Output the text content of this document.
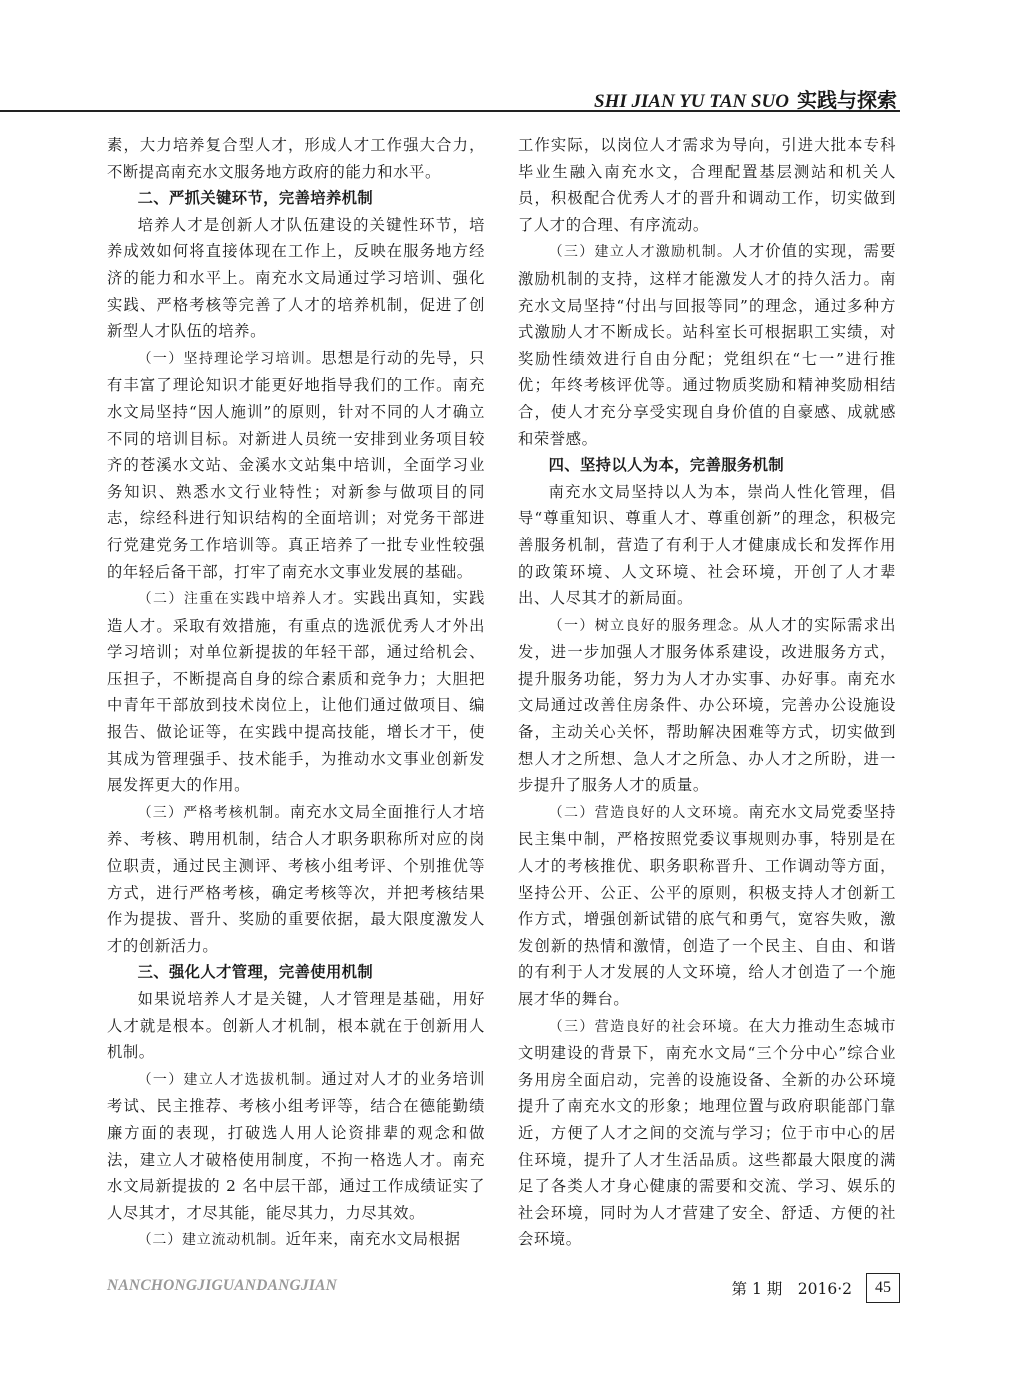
SHI JIAN YU TAN SUO 实践与探索

素，大力培养复合型人才，形成人才工作强大合力，不断提高南充水文服务地方政府的能力和水平。

二、严抓关键环节，完善培养机制

培养人才是创新人才队伍建设的关键性环节，培养成效如何将直接体现在工作上，反映在服务地方经济的能力和水平上。南充水文局通过学习培训、强化实践、严格考核等完善了人才的培养机制，促进了创新型人才队伍的培养。

（一）坚持理论学习培训。思想是行动的先导，只有丰富了理论知识才能更好地指导我们的工作。南充水文局坚持“因人施训”的原则，针对不同的人才确立不同的培训目标。对新进人员统一安排到业务项目较齐的苍溪水文站、金溪水文站集中培训，全面学习业务知识、熟悉水文行业特性；对新参与做项目的同志，综经科进行知识结构的全面培训；对党务干部进行党建党务工作培训等。真正培养了一批专业性较强的年轻后备干部，打牢了南充水文事业发展的基础。

（二）注重在实践中培养人才。实践出真知，实践造人才。采取有效措施，有重点的选派优秀人才外出学习培训；对单位新提拔的年轻干部，通过给机会、压担子，不断提高自身的综合素质和竞争力；大胆把中青年干部放到技术岗位上，让他们通过做项目、编报告、做论证等，在实践中提高技能，增长才干，使其成为管理强手、技术能手，为推动水文事业创新发展发挥更大的作用。

（三）严格考核机制。南充水文局全面推行人才培养、考核、聘用机制，结合人才职务职称所对应的岗位职责，通过民主测评、考核小组考评、个别推优等方式，进行严格考核，确定考核等次，并把考核结果作为提拔、晋升、奖励的重要依据，最大限度激发人才的创新活力。

三、强化人才管理，完善使用机制

如果说培养人才是关键，人才管理是基础，用好人才就是根本。创新人才机制，根本就在于创新用人机制。

（一）建立人才选拔机制。通过对人才的业务培训考试、民主推荐、考核小组考评等，结合在德能勤绩廉方面的表现，打破选人用人论资排辈的观念和做法，建立人才破格使用制度，不拘一格选人才。南充水文局新提拔的 2 名中层干部，通过工作成绩证实了人尽其才，才尽其能，能尽其力，力尽其效。

（二）建立流动机制。近年来，南充水文局根据

工作实际，以岗位人才需求为导向，引进大批本专科毕业生融入南充水文，合理配置基层测站和机关人员，积极配合优秀人才的晋升和调动工作，切实做到了人才的合理、有序流动。

（三）建立人才激励机制。人才价值的实现，需要激励机制的支持，这样才能激发人才的持久活力。南充水文局坚持“付出与回报等同”的理念，通过多种方式激励人才不断成长。站科室长可根据职工实绩，对奖励性绩效进行自由分配；党组织在“七一”进行推优；年终考核评优等。通过物质奖励和精神奖励相结合，使人才充分享受实现自身价值的自豪感、成就感和荣誉感。

四、坚持以人为本，完善服务机制

南充水文局坚持以人为本，崇尚人性化管理，倡导“尊重知识、尊重人才、尊重创新”的理念，积极完善服务机制，营造了有利于人才健康成长和发挥作用的政策环境、人文环境、社会环境，开创了人才辈出、人尽其才的新局面。

（一）树立良好的服务理念。从人才的实际需求出发，进一步加强人才服务体系建设，改进服务方式，提升服务功能，努力为人才办实事、办好事。南充水文局通过改善住房条件、办公环境，完善办公设施设备，主动关心关怀，帮助解决困难等方式，切实做到想人才之所想、急人才之所急、办人才之所盼，进一步提升了服务人才的质量。

（二）营造良好的人文环境。南充水文局党委坚持民主集中制，严格按照党委议事规则办事，特别是在人才的考核推优、职务职称晋升、工作调动等方面，坚持公开、公正、公平的原则，积极支持人才创新工作方式，增强创新试错的底气和勇气，宽容失败，激发创新的热情和激情，创造了一个民主、自由、和谐的有利于人才发展的人文环境，给人才创造了一个施展才华的舞台。

（三）营造良好的社会环境。在大力推动生态城市文明建设的背景下，南充水文局“三个分中心”综合业务用房全面启动，完善的设施设备、全新的办公环境提升了南充水文的形象；地理位置与政府职能部门靠近，方便了人才之间的交流与学习；位于市中心的居住环境，提升了人才生活品质。这些都最大限度的满足了各类人才身心健康的需要和交流、学习、娱乐的社会环境，同时为人才营建了安全、舒适、方便的社会环境。

NANCHONGJIGUANDANGJIAN	第 1 期　2016·2	45
